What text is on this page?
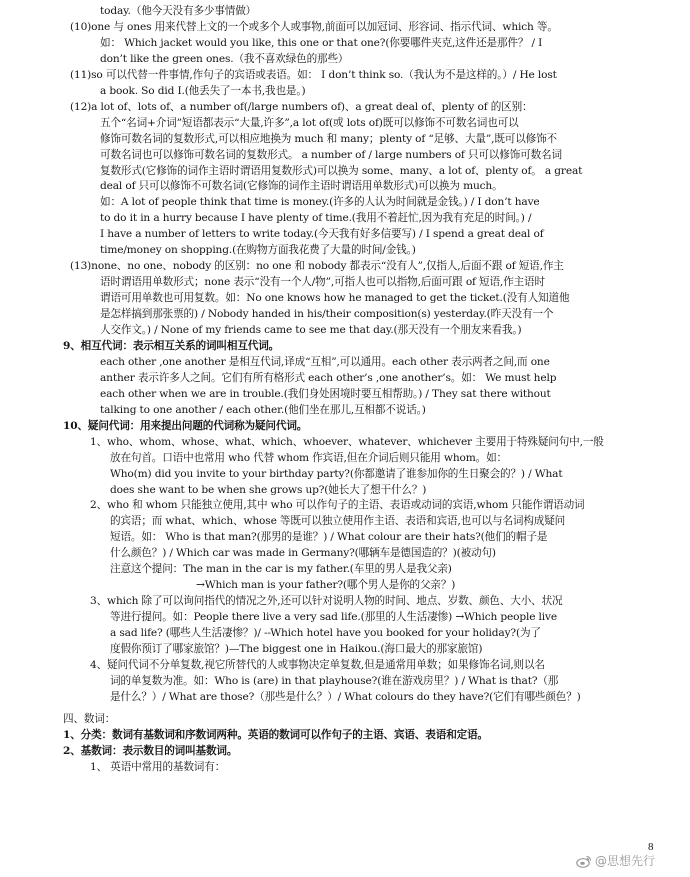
today.（他今天没有多少事情做）
(10)one 与 ones 用来代替上文的一个或多个人或事物,前面可以加冠词、形容词、指示代词、which 等。
如： Which jacket would you like, this one or that one?(你要哪件夹克,这件还是那件？ / I
don’t like the green ones.（我不喜欢绿色的那些）
(11)so 可以代替一件事情,作句子的宾语或表语。如： I don’t think so.（我认为不是这样的。）/ He lost
a book. So did I.(他丢失了一本书,我也是。)
(12)a lot of、lots of、a number of(/large numbers of)、a great deal of、plenty of 的区别：
五个“名词+介词”短语都表示“大量,许多”,a lot of(或 lots of)既可以修饰不可数名词也可以
修饰可数名词的复数形式,可以相应地换为 much 和 many；plenty of “足够、大量”,既可以修饰不
可数名词也可以修饰可数名词的复数形式。 a number of / large numbers of 只可以修饰可数名词
复数形式(它修饰的词作主语时谓语用复数形式)可以换为 some、many、a lot of、plenty of。 a great
deal of 只可以修饰不可数名词(它修饰的词作主语时谓语用单数形式)可以换为 much。
如：A lot of people think that time is money.(许多的人认为时间就是金钱。) / I don’t have
to do it in a hurry because I have plenty of time.(我用不着赶忙,因为我有充足的时间。) /
I have a number of letters to write today.(今天我有好多信要写) / I spend a great deal of
time/money on shopping.(在购物方面我花费了大量的时间/金钱。)
(13)none、no one、nobody 的区别：no one 和 nobody 都表示“没有人”,仅指人,后面不跟 of 短语,作主
语时谓语用单数形式；none 表示“没有一个人/物”,可指人也可以指物,后面可跟 of 短语,作主语时
谓语可用单数也可用复数。如：No one knows how he managed to get the ticket.(没有人知道他
是怎样搞到那张票的) / Nobody handed in his/their composition(s) yesterday.(昨天没有一个
人交作文。) / None of my friends came to see me that day.(那天没有一个朋友来看我。)
9、相互代词：表示相互关系的词叫相互代词。
each other ,one another 是相互代词,译成“互相”,可以通用。each other 表示两者之间,而 one
anther 表示许多人之间。它们有所有格形式 each other’s ,one another’s。如： We must help
each other when we are in trouble.(我们身处困境时要互相帮助。) / They sat there without
talking to one another / each other.(他们坐在那儿,互相都不说话。)
10、疑问代词：用来提出问题的代词称为疑问代词。
1、who、whom、whose、what、which、whoever、whatever、whichever 主要用于特殊疑问句中,一般
放在句首。口语中也常用 who 代替 whom 作宾语,但在介词后则只能用 whom。如：
Who(m) did you invite to your birthday party?(你都邀请了谁参加你的生日聚会的？) / What
does she want to be when she grows up?(她长大了想干什么？)
2、who 和 whom 只能独立使用,其中 who 可以作句子的主语、表语或动词的宾语,whom 只能作谓语动词
的宾语；而 what、which、whose 等既可以独立使用作主语、表语和宾语,也可以与名词构成疑问
短语。如： Who is that man?(那男的是谁？) / What colour are their hats?(他们的帽子是
什么颜色？) / Which car was made in Germany?(哪辆车是德国造的？)(被动句)
注意这个提问：The man in the car is my father.(车里的男人是我父亲)
→Which man is your father?(哪个男人是你的父亲？)
3、which 除了可以询问指代的情况之外,还可以针对说明人物的时间、地点、岁数、颜色、大小、状况
等进行提问。如：People there live a very sad life.(那里的人生活凄惨) →Which people live
a sad life? (哪些人生活凄惨？)/ --Which hotel have you booked for your holiday?(为了
度假你预订了哪家旅馆？)—The biggest one in Haikou.(海口最大的那家旅馆)
4、疑问代词不分单复数,视它所替代的人或事物决定单复数,但是通常用单数；如果修饰名词,则以名
词的单复数为准。如：Who is (are) in that playhouse?(谁在游戏房里？) / What is that?（那
是什么？）/ What are those?（那些是什么？）/ What colours do they have?(它们有哪些颜色？)
四、数词：
1、分类：数词有基数词和序数词两种。英语的数词可以作句子的主语、宾语、表语和定语。
2、基数词：表示数目的词叫基数词。
1、 英语中常用的基数词有：
8
@思想先行
